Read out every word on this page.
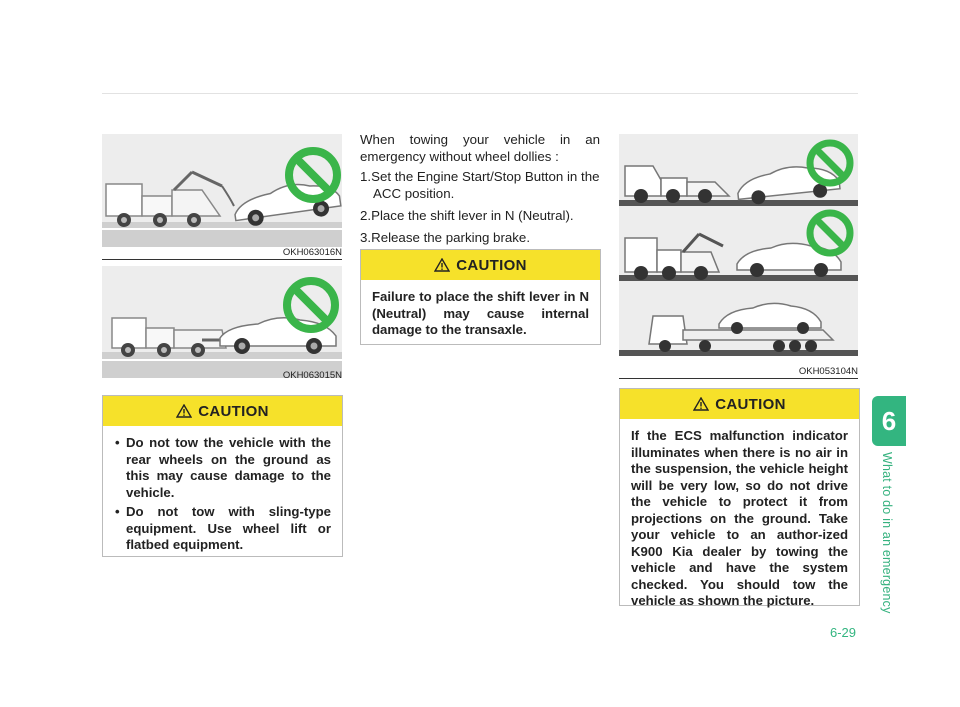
OKH063016N
OKH063015N
CAUTION
• Do not tow the vehicle with the rear wheels on the ground as this may cause damage to the vehicle.
• Do not tow with sling-type equipment. Use wheel lift or flatbed equipment.

When towing your vehicle in an emergency without wheel dollies :

1.Set the Engine Start/Stop Button in the ACC position.
2.Place the shift lever in N (Neutral).
3.Release the parking brake.
CAUTION
Failure to place the shift lever in N (Neutral) may cause internal damage to the transaxle.
OKH053104N
CAUTION
If the ECS malfunction indicator illuminates when there is no air in the suspension, the vehicle height will be very low, so do not drive the vehicle to protect it from projections on the ground. Take your vehicle to an author-ized K900 Kia dealer by towing the vehicle and have the system checked. You should tow the vehicle as shown the picture.
6
What to do in an emergency
6-29
